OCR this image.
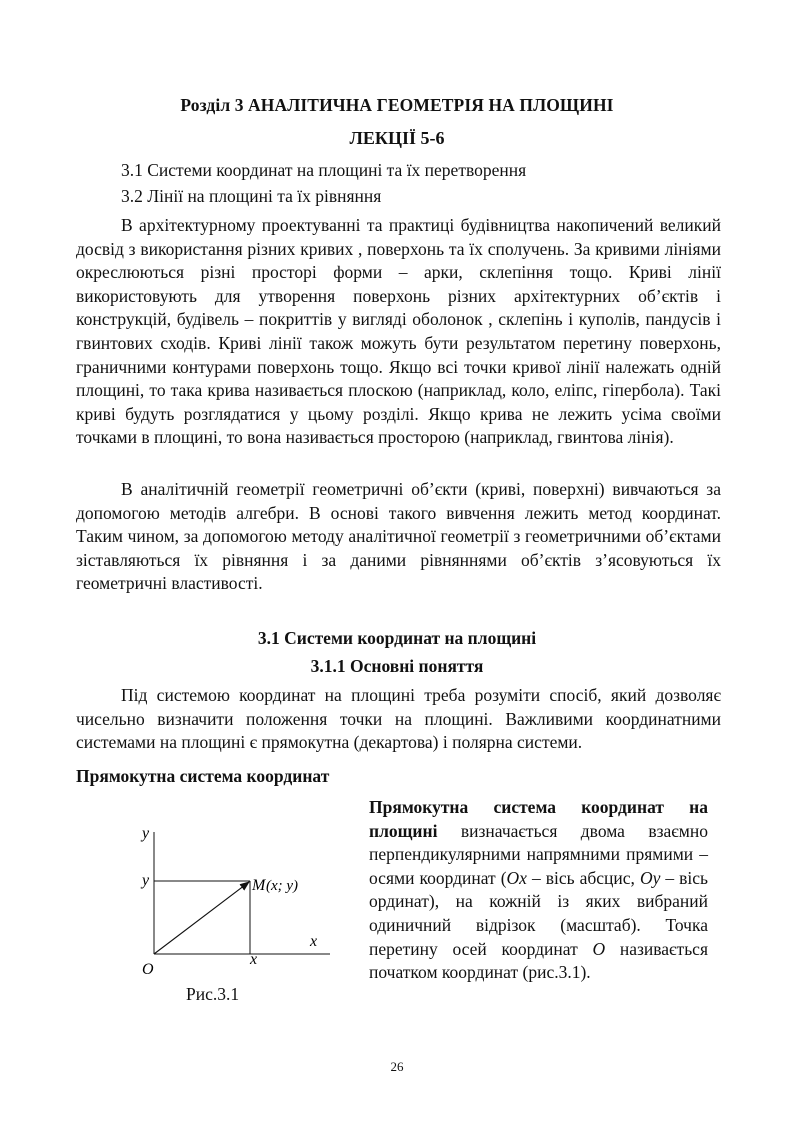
Розділ 3 АНАЛІТИЧНА ГЕОМЕТРІЯ НА ПЛОЩИНІ
ЛЕКЦІЇ 5-6
3.1 Системи координат на площині та їх перетворення
3.2 Лінії на площині та їх рівняння

В архітектурному проектуванні та практиці будівництва накопичений великий досвід з використання різних кривих , поверхонь та їх сполучень. За кривими лініями окреслюються різні просторі форми – арки, склепіння тощо. Криві лінії використовують для утворення поверхонь різних архітектурних об’єктів і конструкцій, будівель – покриттів у вигляді оболонок , склепінь і куполів, пандусів і гвинтових сходів. Криві лінії також можуть бути результатом перетину поверхонь, граничними контурами поверхонь тощо. Якщо всі точки кривої лінії належать одній площині, то така крива називається плоскою (наприклад, коло, еліпс, гіпербола). Такі криві будуть розглядатися у цьому розділі. Якщо крива не лежить усіма своїми точками в площині, то вона називається просторою (наприклад, гвинтова лінія).

В аналітичній геометрії геометричні об’єкти (криві, поверхні) вивчаються за допомогою методів алгебри. В основі такого вивчення лежить метод координат. Таким чином, за допомогою методу аналітичної геометрії з геометричними об’єктами зіставляються їх рівняння і за даними рівняннями об’єктів з’ясовуються їх геометричні властивості.

3.1 Системи координат на площині
3.1.1 Основні поняття

Під системою координат на площині треба розуміти спосіб, який дозволяє чисельно визначити положення точки на площині. Важливими координатними системами на площині є прямокутна (декартова) і полярна системи.

Прямокутна система координат

Прямокутна система координат на площині визначається двома взаємно перпендикулярними напрямними прямими – осями координат (Ox – вісь абсцис, Oy – вісь ординат), на кожній із яких вибраний одиничний відрізок (масштаб). Точка перетину осей координат O називається початком координат (рис.3.1).

y
x
y
x
O
M (x; y)
Рис.3.1
26
